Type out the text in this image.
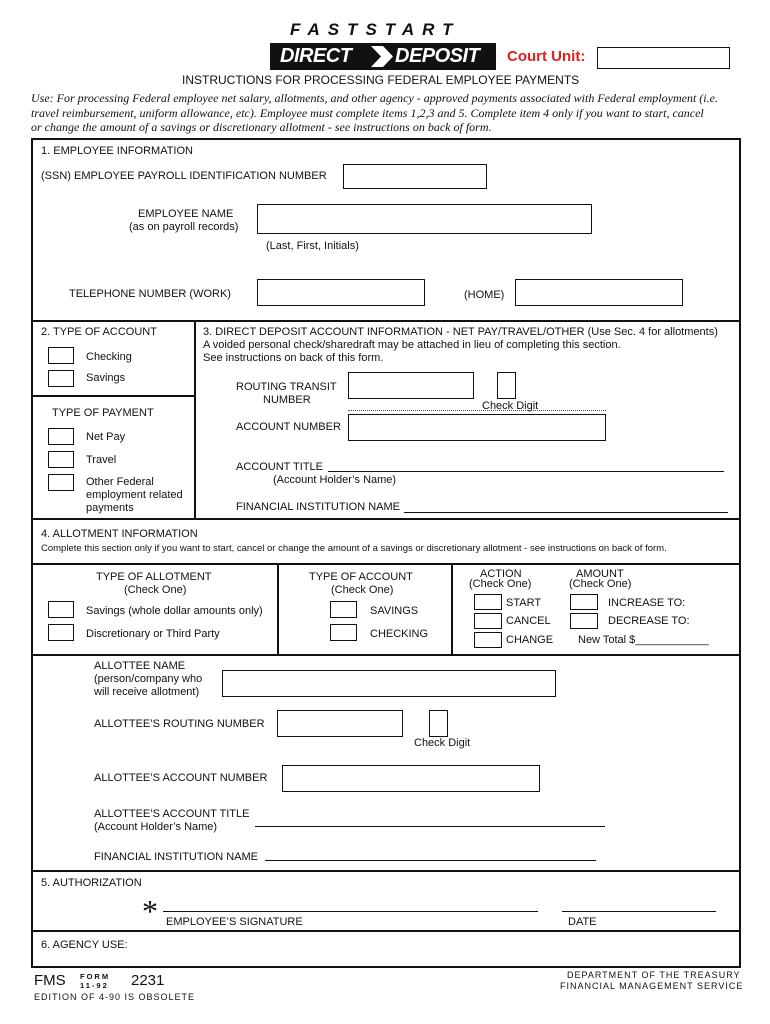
FASTSTART
DIRECT DEPOSIT Court Unit:
INSTRUCTIONS FOR PROCESSING FEDERAL EMPLOYEE PAYMENTS
Use: For processing Federal employee net salary, allotments, and other agency - approved payments associated with Federal employment (i.e.
travel reimbursement, uniform allowance, etc). Employee must complete items 1,2,3 and 5. Complete item 4 only if you want to start, cancel
or change the amount of a savings or discretionary allotment - see instructions on back of form.
1. EMPLOYEE INFORMATION
(SSN) EMPLOYEE PAYROLL IDENTIFICATION NUMBER
EMPLOYEE NAME
(as on payroll records)
(Last, First, Initials)
TELEPHONE NUMBER (WORK)	(HOME)
2. TYPE OF ACCOUNT
Checking
Savings
TYPE OF PAYMENT
Net Pay
Travel
Other Federal
employment related
payments
3. DIRECT DEPOSIT ACCOUNT INFORMATION - NET PAY/TRAVEL/OTHER (Use Sec. 4 for allotments)
A voided personal check/sharedraft may be attached in lieu of completing this section.
See instructions on back of this form.
ROUTING TRANSIT
NUMBER	Check Digit
ACCOUNT NUMBER
ACCOUNT TITLE
(Account Holder’s Name)
FINANCIAL INSTITUTION NAME
4. ALLOTMENT INFORMATION
Complete this section only if you want to start, cancel or change the amount of a savings or discretionary allotment - see instructions on back of form.
TYPE OF ALLOTMENT
(Check One)
Savings (whole dollar amounts only)
Discretionary or Third Party
TYPE OF ACCOUNT
(Check One)
SAVINGS
CHECKING
ACTION
(Check One)
AMOUNT
(Check One)
START
CANCEL
CHANGE
INCREASE TO:
DECREASE TO:
New Total $____________
ALLOTTEE NAME
(person/company who
will receive allotment)
ALLOTTEE’S ROUTING NUMBER
Check Digit
ALLOTTEE’S ACCOUNT NUMBER
ALLOTTEE’S ACCOUNT TITLE
(Account Holder’s Name)
FINANCIAL INSTITUTION NAME
5. AUTHORIZATION
* EMPLOYEE’S SIGNATURE	DATE
6. AGENCY USE:
FMS FORM
11-92 2231
EDITION OF 4-90 IS OBSOLETE
DEPARTMENT OF THE TREASURY
FINANCIAL MANAGEMENT SERVICE
